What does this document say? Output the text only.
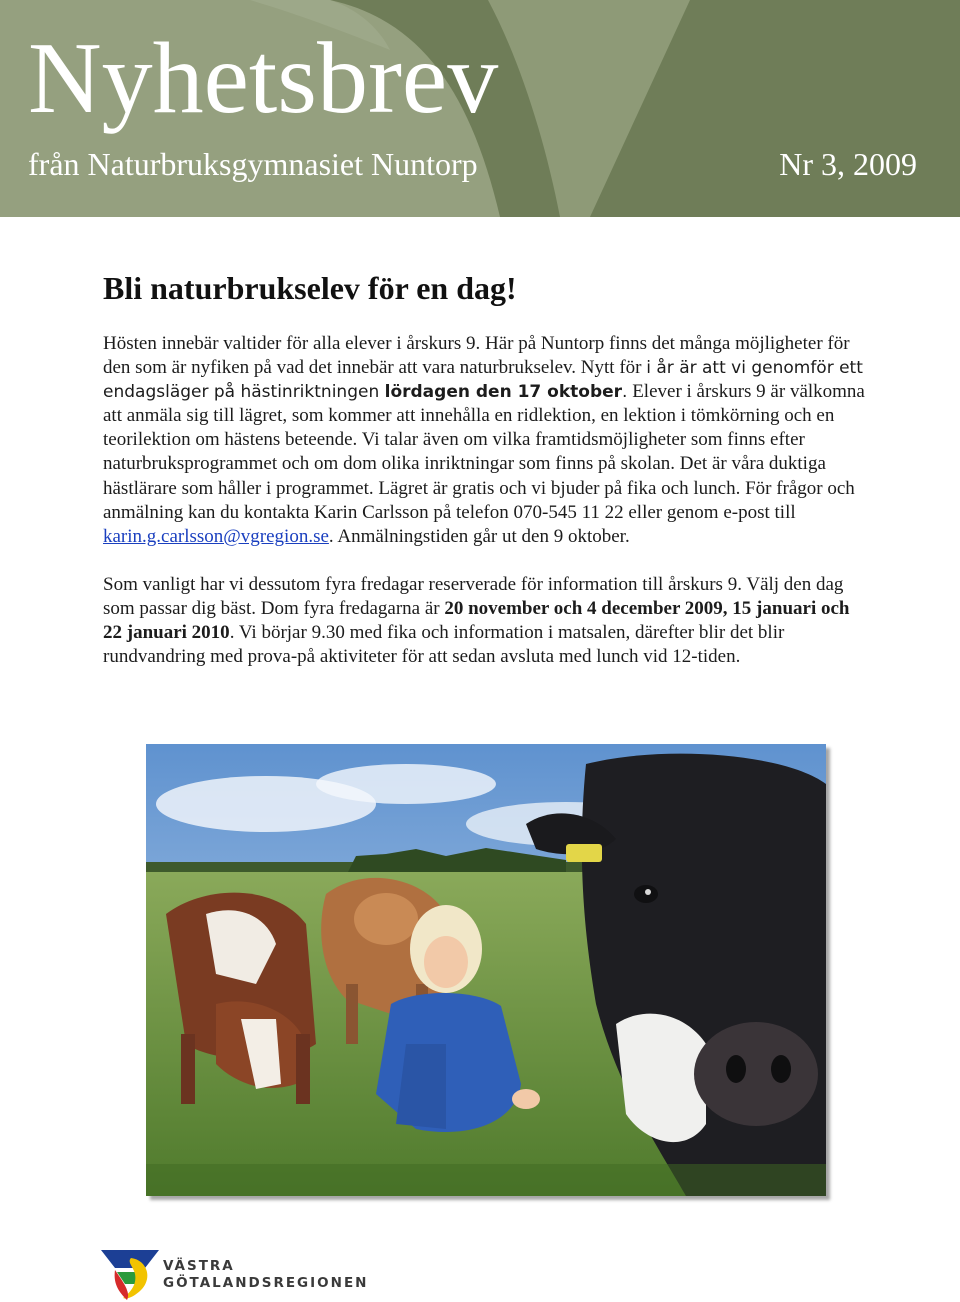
Nyhetsbrev
från Naturbruksgymnasiet Nuntorp	Nr 3, 2009
Bli naturbrukselev för en dag!

Hösten innebär valtider för alla elever i årskurs 9. Här på Nuntorp finns det många möjligheter för den som är nyfiken på vad det innebär att vara naturbrukselev. Nytt för i år är att vi genomför ett endagsläger på hästinriktningen lördagen den 17 oktober. Elever i årskurs 9 är välkomna att anmäla sig till lägret, som kommer att innehålla en ridlektion, en lektion i tömkörning och en teorilektion om hästens beteende. Vi talar även om vilka framtidsmöjligheter som finns efter naturbruksprogrammet och om dom olika inriktningar som finns på skolan. Det är våra duktiga hästlärare som håller i programmet. Lägret är gratis och vi bjuder på fika och lunch. För frågor och anmälning kan du kontakta Karin Carlsson på telefon 070-545 11 22 eller genom e-post till karin.g.carlsson@vgregion.se. Anmälningstiden går ut den 9 oktober.

Som vanligt har vi dessutom fyra fredagar reserverade för information till årskurs 9. Välj den dag som passar dig bäst. Dom fyra fredagarna är 20 november och 4 december 2009, 15 januari och 22 januari 2010. Vi börjar 9.30 med fika och information i matsalen, därefter blir det blir rundvandring med prova-på aktiviteter för att sedan avsluta med lunch vid 12-tiden.

VÄSTRA
GÖTALANDSREGIONEN
